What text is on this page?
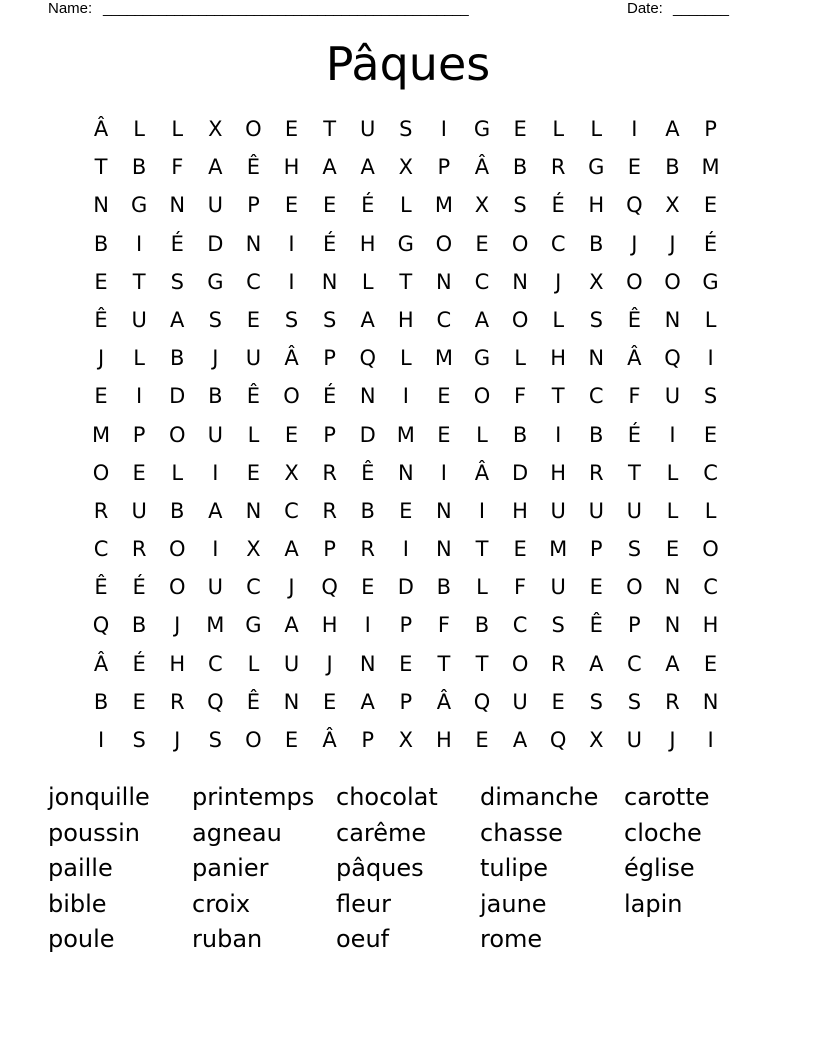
Name: ______________________________________________	Date: _______
Pâques
Â	L	L	X	O	E	T	U	S	I	G	E	L	L	I	A	P
T	B	F	A	Ê	H	A	A	X	P	Â	B	R	G	E	B	M
N	G	N	U	P	E	E	É	L	M	X	S	É	H	Q	X	E
B	I	É	D	N	I	É	H	G	O	E	O	C	B	J	J	É
E	T	S	G	C	I	N	L	T	N	C	N	J	X	O	O	G
Ê	U	A	S	E	S	S	A	H	C	A	O	L	S	Ê	N	L
J	L	B	J	U	Â	P	Q	L	M G	L	H	N	Â	Q	I
E	I	D	B	Ê	O	É	N	I	E	O	F	T	C	F	U	S
M	P	O	U	L	E	P	D M	E	L	B	I	B	É	I	E
O	E	L	I	E	X	R	Ê	N	I	Â	D	H	R	T	L	C
R	U	B	A	N	C	R	B	E	N	I	H	U	U	U	L	L
C	R	O	I	X	A	P	R	I	N	T	E	M	P	S	E	O
Ê	É	O	U	C	J	Q	E	D	B	L	F	U	E	O	N	C
Q	B	J	M G	A	H	I	P	F	B	C	S	Ê	P	N	H
Â	É	H	C	L	U	J	N	E	T	T	O	R	A	C	A	E
B	E	R	Q	Ê	N	E	A	P	Â	Q	U	E	S	S	R	N
I	S	J	S	O	E	Â	P	X	H	E	A	Q	X	U	J	I
jonquille	printemps chocolat	dimanche	carotte
poussin	agneau	carême	chasse	cloche
paille	panier	pâques	tulipe	église
bible	croix	fleur	jaune	lapin
poule	ruban	oeuf	rome
